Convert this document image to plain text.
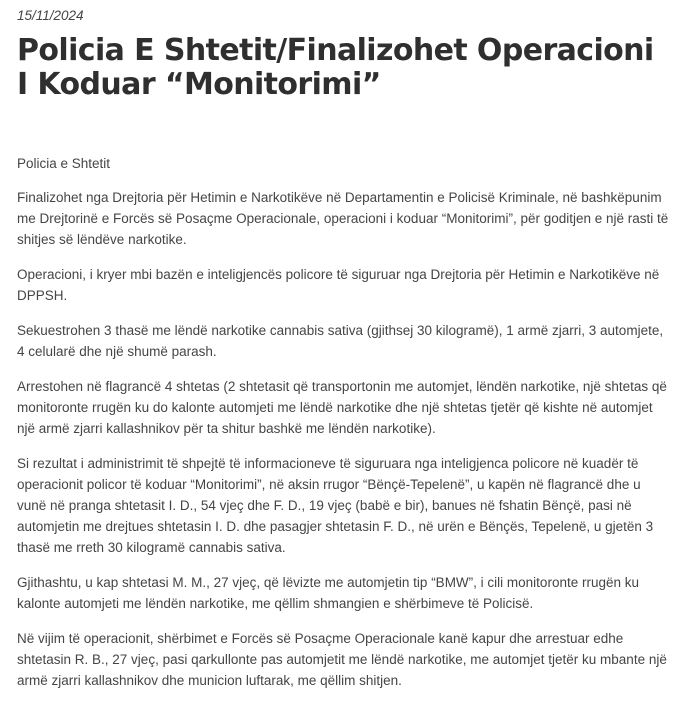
15/11/2024
Policia E Shtetit/Finalizohet Operacioni I Koduar “Monitorimi”

Policia e Shtetit

Finalizohet nga Drejtoria për Hetimin e Narkotikëve në Departamentin e Policisë Kriminale, në bashkëpunim me Drejtorinë e Forcës së Posaçme Operacionale, operacioni i koduar “Monitorimi”, për goditjen e një rasti të shitjes së lëndëve narkotike.

Operacioni, i kryer mbi bazën e inteligjencës policore të siguruar nga Drejtoria për Hetimin e Narkotikëve në DPPSH.

Sekuestrohen 3 thasë me lëndë narkotike cannabis sativa (gjithsej 30 kilogramë), 1 armë zjarri, 3 automjete, 4 celularë dhe një shumë parash.

Arrestohen në flagrancë 4 shtetas (2 shtetasit që transportonin me automjet, lëndën narkotike, një shtetas që monitoronte rrugën ku do kalonte automjeti me lëndë narkotike dhe një shtetas tjetër që kishte në automjet një armë zjarri kallashnikov për ta shitur bashkë me lëndën narkotike).

Si rezultat i administrimit të shpejtë të informacioneve të siguruara nga inteligjenca policore në kuadër të operacionit policor të koduar “Monitorimi”, në aksin rrugor “Bënçë-Tepelenë”, u kapën në flagrancë dhe u vunë në pranga shtetasit I. D., 54 vjeç dhe F. D., 19 vjeç (babë e bir), banues në fshatin Bënçë, pasi në automjetin me drejtues shtetasin I. D. dhe pasagjer shtetasin F. D., në urën e Bënçës, Tepelenë, u gjetën 3 thasë me rreth 30 kilogramë cannabis sativa.

Gjithashtu, u kap shtetasi M. M., 27 vjeç, që lëvizte me automjetin tip “BMW”, i cili monitoronte rrugën ku kalonte automjeti me lëndën narkotike, me qëllim shmangien e shërbimeve të Policisë.

Në vijim të operacionit, shërbimet e Forcës së Posaçme Operacionale kanë kapur dhe arrestuar edhe shtetasin R. B., 27 vjeç, pasi qarkullonte pas automjetit me lëndë narkotike, me automjet tjetër ku mbante një armë zjarri kallashnikov dhe municion luftarak, me qëllim shitjen.
